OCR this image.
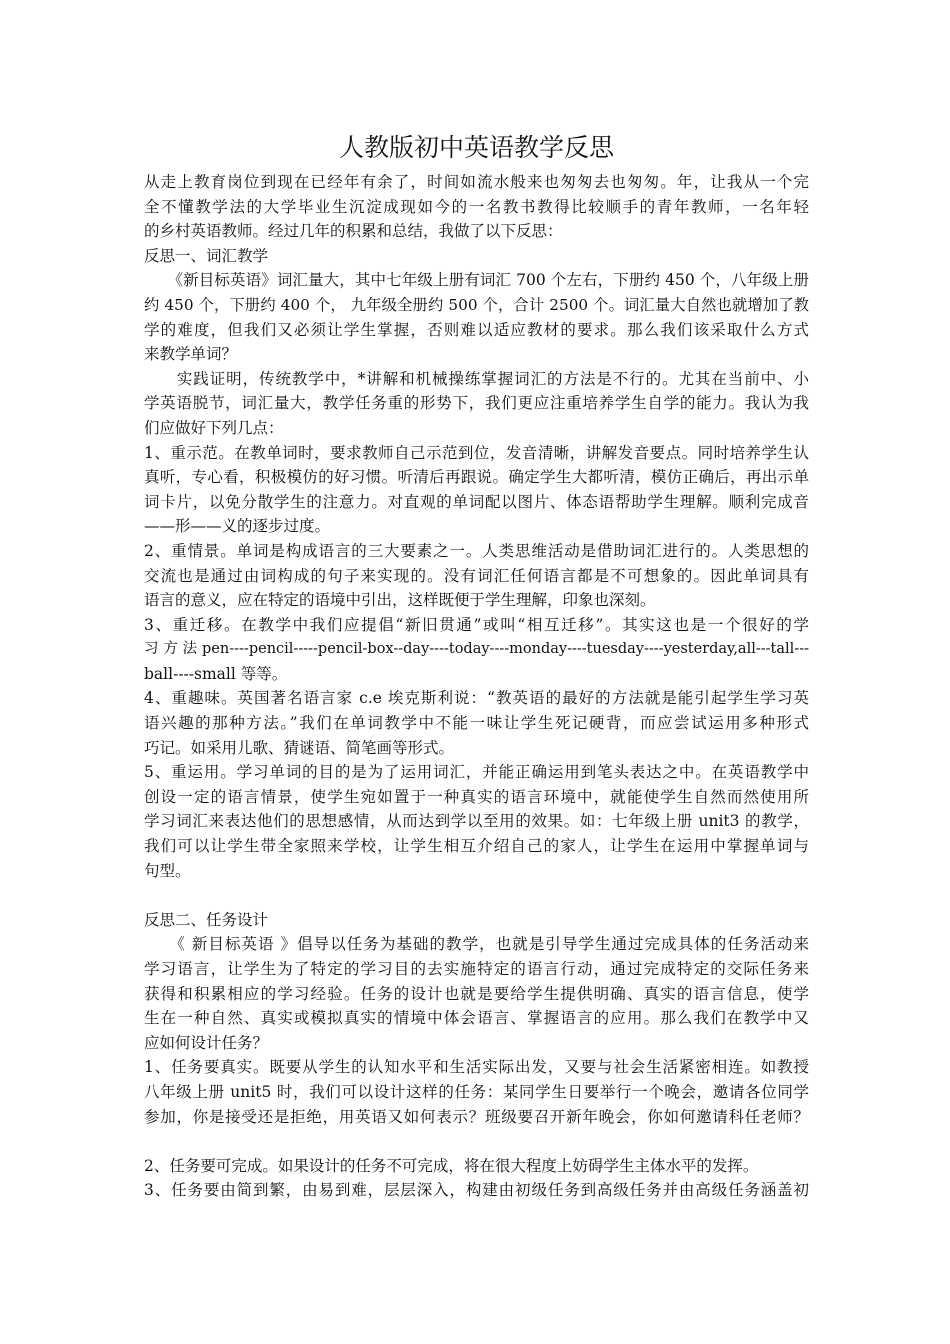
人教版初中英语教学反思

从走上教育岗位到现在已经年有余了，时间如流水般来也匆匆去也匆匆。年，让我从一个完

全不懂教学法的大学毕业生沉淀成现如今的一名教书教得比较顺手的青年教师，一名年轻

的乡村英语教师。经过几年的积累和总结，我做了以下反思：

反思一、词汇教学

　　《新目标英语》词汇量大，其中七年级上册有词汇 700 个左右，下册约 450 个，八年级上册

约 450 个，下册约 400 个， 九年级全册约 500 个，合计 2500 个。词汇量大自然也就增加了教

学的难度，但我们又必须让学生掌握，否则难以适应教材的要求。那么我们该采取什么方式

来教学单词？

　　实践证明，传统教学中，*讲解和机械操练掌握词汇的方法是不行的。尤其在当前中、小

学英语脱节，词汇量大，教学任务重的形势下，我们更应注重培养学生自学的能力。我认为我

们应做好下列几点：

1、重示范。在教单词时，要求教师自己示范到位，发音清晰，讲解发音要点。同时培养学生认

真听，专心看，积极模仿的好习惯。听清后再跟说。确定学生大都听清，模仿正确后，再出示单

词卡片，以免分散学生的注意力。对直观的单词配以图片、体态语帮助学生理解。顺利完成音

——形——义的逐步过度。

2、重情景。单词是构成语言的三大要素之一。人类思维活动是借助词汇进行的。人类思想的

交流也是通过由词构成的句子来实现的。没有词汇任何语言都是不可想象的。因此单词具有

语言的意义，应在特定的语境中引出，这样既便于学生理解，印象也深刻。

3、重迁移。在教学中我们应提倡“新旧贯通”或叫“相互迁移”。其实这也是一个很好的学

习 方 法 pen----pencil-----pencil-box--day----today----monday----tuesday----yesterday,all---tall---

ball----small 等等。

4、重趣味。英国著名语言家 c.e 埃克斯利说：“教英语的最好的方法就是能引起学生学习英

语兴趣的那种方法。”我们在单词教学中不能一味让学生死记硬背，而应尝试运用多种形式

巧记。如采用儿歌、猜谜语、简笔画等形式。

5、重运用。学习单词的目的是为了运用词汇，并能正确运用到笔头表达之中。在英语教学中

创设一定的语言情景，使学生宛如置于一种真实的语言环境中，就能使学生自然而然使用所

学习词汇来表达他们的思想感情，从而达到学以至用的效果。如：七年级上册 unit3 的教学，

我们可以让学生带全家照来学校，让学生相互介绍自己的家人，让学生在运用中掌握单词与

句型。

反思二、任务设计

　　《 新目标英语 》倡导以任务为基础的教学，也就是引导学生通过完成具体的任务活动来

学习语言，让学生为了特定的学习目的去实施特定的语言行动，通过完成特定的交际任务来

获得和积累相应的学习经验。任务的设计也就是要给学生提供明确、真实的语言信息，使学

生在一种自然、真实或模拟真实的情境中体会语言、掌握语言的应用。那么我们在教学中又

应如何设计任务？

1、任务要真实。既要从学生的认知水平和生活实际出发，又要与社会生活紧密相连。如教授

八年级上册 unit5 时，我们可以设计这样的任务：某同学生日要举行一个晚会，邀请各位同学

参加，你是接受还是拒绝，用英语又如何表示？班级要召开新年晚会，你如何邀请科任老师？

2、任务要可完成。如果设计的任务不可完成，将在很大程度上妨碍学生主体水平的发挥。

3、任务要由简到繁，由易到难，层层深入，构建由初级任务到高级任务并由高级任务涵盖初
